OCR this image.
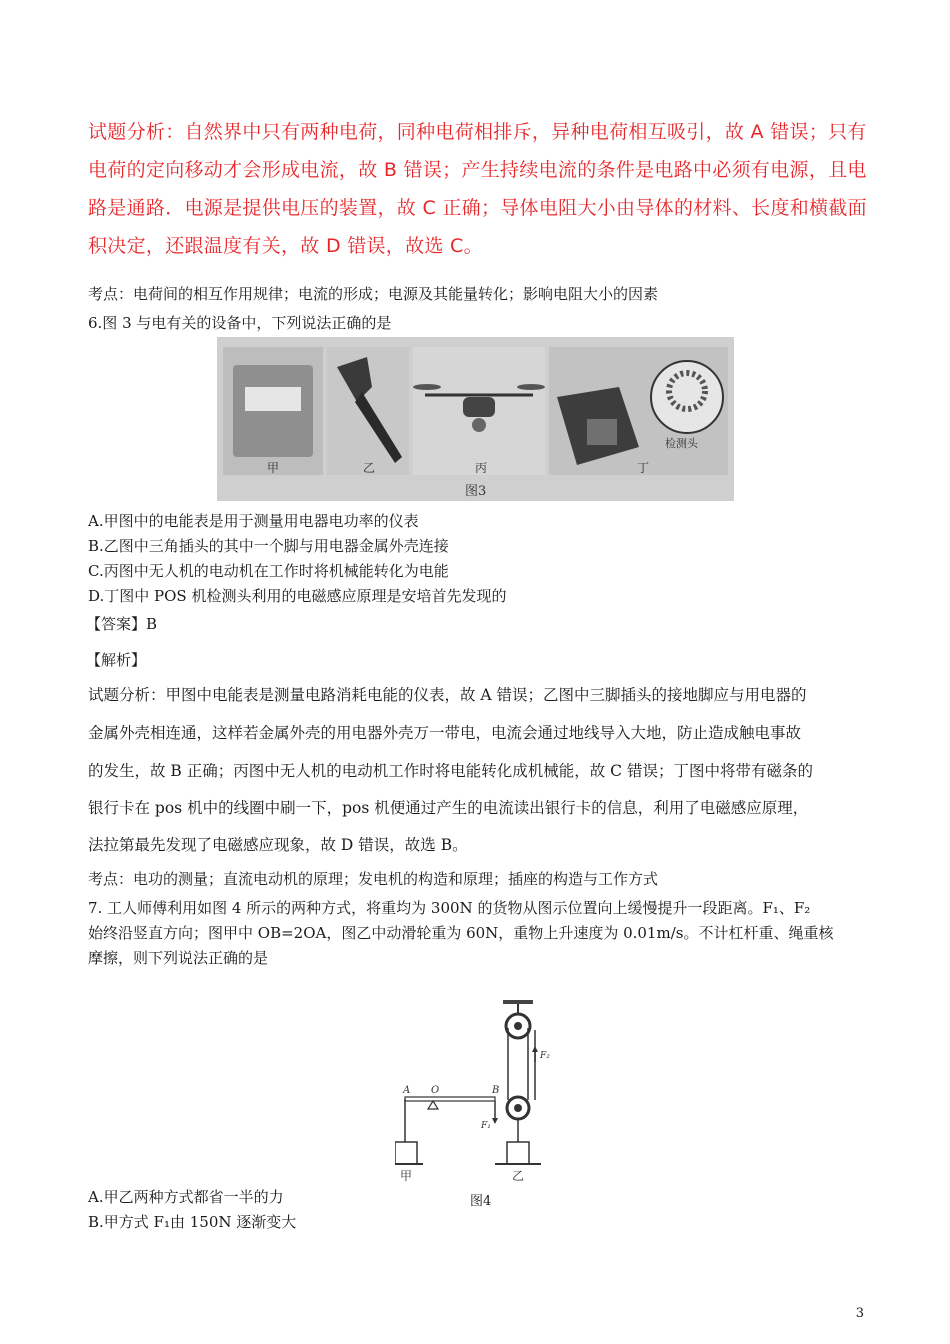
试题分析：自然界中只有两种电荷，同种电荷相排斥，异种电荷相互吸引，故 A 错误；只有电荷的定向移动才会形成电流，故 B 错误；产生持续电流的条件是电路中必须有电源，且电路是通路．电源是提供电压的装置，故 C 正确；导体电阻大小由导体的材料、长度和横截面积决定，还跟温度有关，故 D 错误，故选 C。
考点：电荷间的相互作用规律；电流的形成；电源及其能量转化；影响电阻大小的因素
6.图 3 与电有关的设备中，下列说法正确的是
检测头
甲	乙	丙	丁
图3
A.甲图中的电能表是用于测量用电器电功率的仪表
B.乙图中三角插头的其中一个脚与用电器金属外壳连接
C.丙图中无人机的电动机在工作时将机械能转化为电能
D.丁图中 POS 机检测头利用的电磁感应原理是安培首先发现的
【答案】B
【解析】
试题分析：甲图中电能表是测量电路消耗电能的仪表，故 A 错误；乙图中三脚插头的接地脚应与用电器的
金属外壳相连通，这样若金属外壳的用电器外壳万一带电，电流会通过地线导入大地，防止造成触电事故
的发生，故 B 正确；丙图中无人机的电动机工作时将电能转化成机械能，故 C 错误；丁图中将带有磁条的
银行卡在 pos 机中的线圈中刷一下，pos 机便通过产生的电流读出银行卡的信息，利用了电磁感应原理，
法拉第最先发现了电磁感应现象，故 D 错误，故选 B。
考点：电功的测量；直流电动机的原理；发电机的构造和原理；插座的构造与工作方式
7. 工人师傅利用如图 4 所示的两种方式，将重均为 300N 的货物从图示位置向上缓慢提升一段距离。F₁、F₂
始终沿竖直方向；图甲中 OB=2OA，图乙中动滑轮重为 60N，重物上升速度为 0.01m/s。不计杠杆重、绳重核
摩擦，则下列说法正确的是
A O	B
F₁
F₂
甲	乙
图4
A.甲乙两种方式都省一半的力
B.甲方式 F₁由 150N 逐渐变大
3
